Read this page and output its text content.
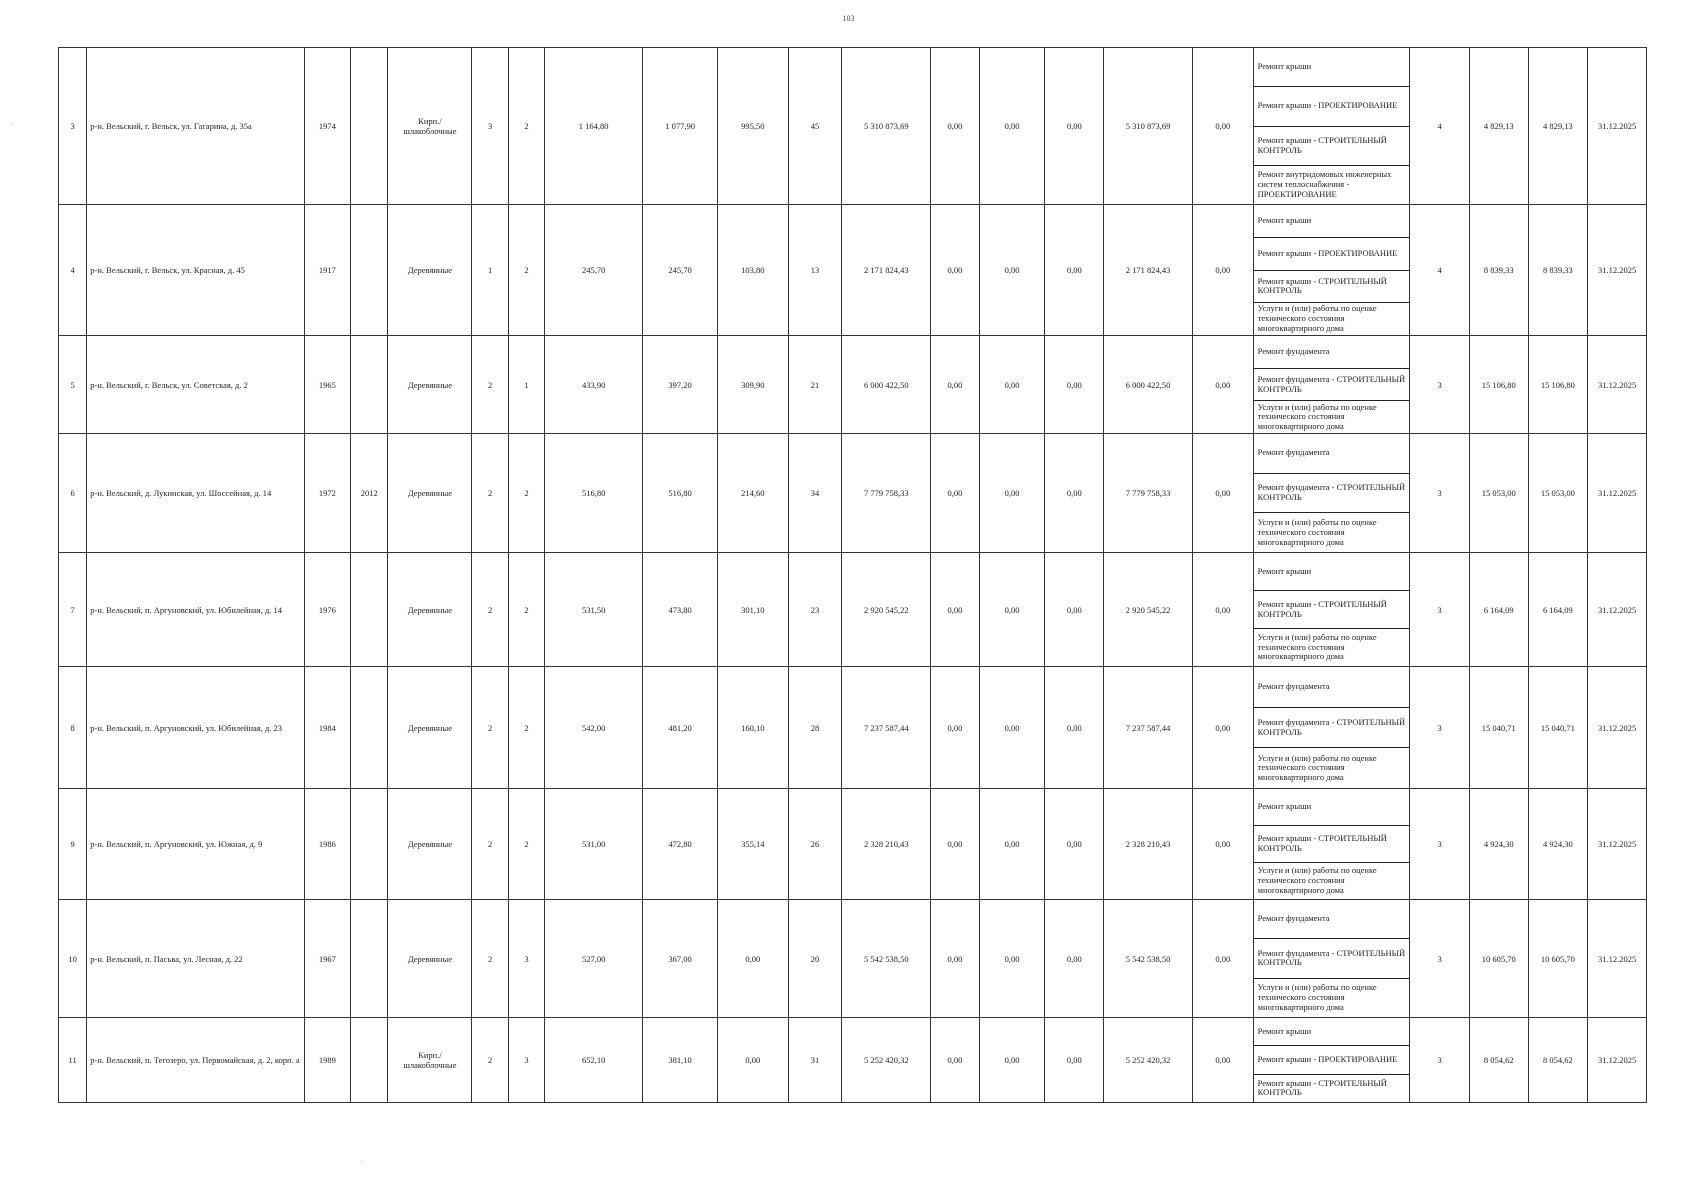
103
3	р-н. Вельский, г. Вельск, ул. Гагарина, д. 35а	1974		Кирп./ шлакоблочные	3	2	1 164,80	1 077,90	995,50	45	5 310 873,69	0,00	0,00	0,00	5 310 873,69	0,00	Ремонт крыши
Ремонт крыши - ПРОЕКТИРОВАНИЕ
Ремонт крыши - СТРОИТЕЛЬНЫЙ КОНТРОЛЬ
Ремонт внутридомовых инженерных систем теплоснабжения - ПРОЕКТИРОВАНИЕ	4	4 829,13	4 829,13	31.12.2025
4	р-н. Вельский, г. Вельск, ул. Красная, д. 45	1917		Деревянные	1	2	245,70	245,70	103,80	13	2 171 824,43	0,00	0,00	0,00	2 171 824,43	0,00	Ремонт крыши
Ремонт крыши - ПРОЕКТИРОВАНИЕ
Ремонт крыши - СТРОИТЕЛЬНЫЙ КОНТРОЛЬ
Услуги и (или) работы по оценке технического состояния многоквартирного дома	4	8 839,33	8 839,33	31.12.2025
5	р-н. Вельский, г. Вельск, ул. Советская, д. 2	1965		Деревянные	2	1	433,90	397,20	309,90	21	6 000 422,50	0,00	0,00	0,00	6 000 422,50	0,00	Ремонт фундамента
Ремонт фундамента - СТРОИТЕЛЬНЫЙ КОНТРОЛЬ
Услуги и (или) работы по оценке технического состояния многоквартирного дома	3	15 106,80	15 106,80	31.12.2025
6	р-н. Вельский, д. Лукинская, ул. Шоссейная, д. 14	1972	2012	Деревянные	2	2	516,80	516,80	214,60	34	7 779 758,33	0,00	0,00	0,00	7 779 758,33	0,00	Ремонт фундамента
Ремонт фундамента - СТРОИТЕЛЬНЫЙ КОНТРОЛЬ
Услуги и (или) работы по оценке технического состояния многоквартирного дома	3	15 053,00	15 053,00	31.12.2025
7	р-н. Вельский, п. Аргуновский, ул. Юбилейная, д. 14	1976		Деревянные	2	2	531,50	473,80	301,10	23	2 920 545,22	0,00	0,00	0,00	2 920 545,22	0,00	Ремонт крыши
Ремонт крыши - СТРОИТЕЛЬНЫЙ КОНТРОЛЬ
Услуги и (или) работы по оценке технического состояния многоквартирного дома	3	6 164,09	6 164,09	31.12.2025
8	р-н. Вельский, п. Аргуновский, ул. Юбилейная, д. 23	1984		Деревянные	2	2	542,00	481,20	160,10	28	7 237 587,44	0,00	0,00	0,00	7 237 587,44	0,00	Ремонт фундамента
Ремонт фундамента - СТРОИТЕЛЬНЫЙ КОНТРОЛЬ
Услуги и (или) работы по оценке технического состояния многоквартирного дома	3	15 040,71	15 040,71	31.12.2025
9	р-н. Вельский, п. Аргуновский, ул. Южная, д. 9	1986		Деревянные	2	2	531,00	472,80	355,14	26	2 328 210,43	0,00	0,00	0,00	2 328 210,43	0,00	Ремонт крыши
Ремонт крыши - СТРОИТЕЛЬНЫЙ КОНТРОЛЬ
Услуги и (или) работы по оценке технического состояния многоквартирного дома	3	4 924,30	4 924,30	31.12.2025
10	р-н. Вельский, п. Пасьва, ул. Лесная, д. 22	1967		Деревянные	2	3	527,00	367,00	0,00	20	5 542 538,50	0,00	0,00	0,00	5 542 538,50	0,00	Ремонт фундамента
Ремонт фундамента - СТРОИТЕЛЬНЫЙ КОНТРОЛЬ
Услуги и (или) работы по оценке технического состояния многоквартирного дома	3	10 605,70	10 605,70	31.12.2025
11	р-н. Вельский, п. Тегозеро, ул. Первомайская, д. 2, корп. а	1989		Кирп./ шлакоблочные	2	3	652,10	381,10	0,00	31	5 252 420,32	0,00	0,00	0,00	5 252 420,32	0,00	Ремонт крыши
Ремонт крыши - ПРОЕКТИРОВАНИЕ
Ремонт крыши - СТРОИТЕЛЬНЫЙ КОНТРОЛЬ	3	8 054,62	8 054,62	31.12.2025
·
·
